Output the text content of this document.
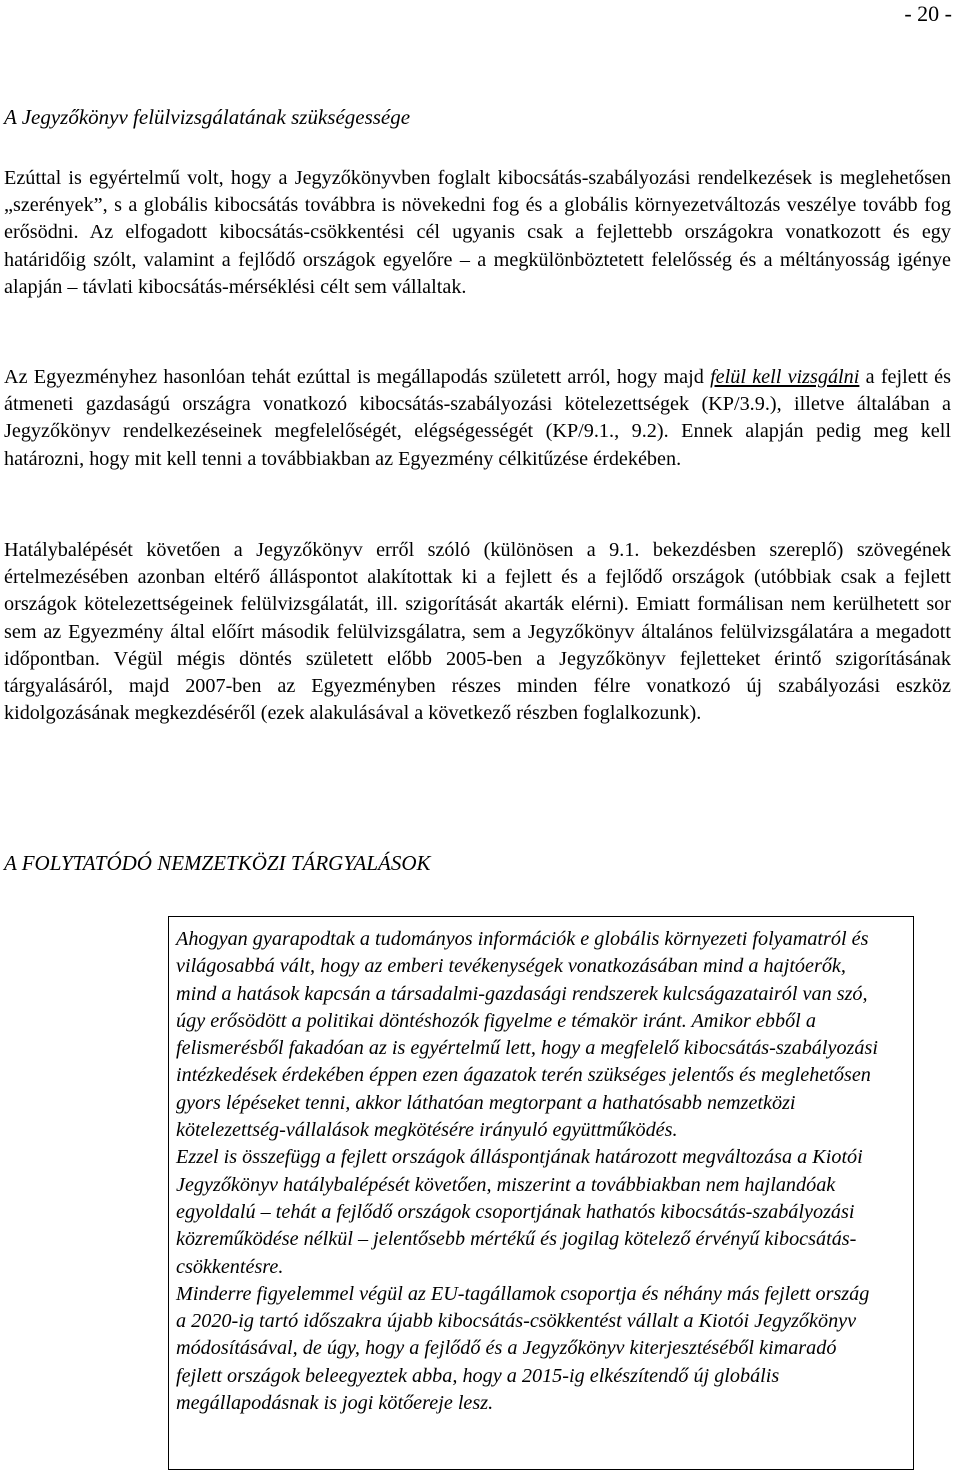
- 20 -
A Jegyzőkönyv felülvizsgálatának szükségessége
Ezúttal is egyértelmű volt, hogy a Jegyzőkönyvben foglalt kibocsátás-szabályozási rendelkezések is meglehetősen „szerények”, s a globális kibocsátás továbbra is növekedni fog és a globális környezetváltozás veszélye tovább fog erősödni. Az elfogadott kibocsátás-csökkentési cél ugyanis csak a fejlettebb országokra vonatkozott és egy határidőig szólt, valamint a fejlődő országok egyelőre – a megkülönböztetett felelősség és a méltányosság igénye alapján – távlati kibocsátás-mérséklési célt sem vállaltak.
Az Egyezményhez hasonlóan tehát ezúttal is megállapodás született arról, hogy majd felül kell vizsgálni a fejlett és átmeneti gazdaságú országra vonatkozó kibocsátás-szabályozási kötelezettségek (KP/3.9.), illetve általában a Jegyzőkönyv rendelkezéseinek megfelelőségét, elégségességét (KP/9.1., 9.2). Ennek alapján pedig meg kell határozni, hogy mit kell tenni a továbbiakban az Egyezmény célkitűzése érdekében.
Hatálybalépését követően a Jegyzőkönyv erről szóló (különösen a 9.1. bekezdésben szereplő) szövegének értelmezésében azonban eltérő álláspontot alakítottak ki a fejlett és a fejlődő országok (utóbbiak csak a fejlett országok kötelezettségeinek felülvizsgálatát, ill. szigorítását akarták elérni). Emiatt formálisan nem kerülhetett sor sem az Egyezmény által előírt második felülvizsgálatra, sem a Jegyzőkönyv általános felülvizsgálatára a megadott időpontban. Végül mégis döntés született előbb 2005-ben a Jegyzőkönyv fejletteket érintő szigorításának tárgyalásáról, majd 2007-ben az Egyezményben részes minden félre vonatkozó új szabályozási eszköz kidolgozásának megkezdéséről (ezek alakulásával a következő részben foglalkozunk).
A FOLYTATÓDÓ NEMZETKÖZI TÁRGYALÁSOK

Ahogyan gyarapodtak a tudományos információk e globális környezeti folyamatról és világosabbá vált, hogy az emberi tevékenységek vonatkozásában mind a hajtóerők, mind a hatások kapcsán a társadalmi-gazdasági rendszerek kulcságazatairól van szó, úgy erősödött a politikai döntéshozók figyelme e témakör iránt. Amikor ebből a felismerésből fakadóan az is egyértelmű lett, hogy a megfelelő kibocsátás-szabályozási intézkedések érdekében éppen ezen ágazatok terén szükséges jelentős és meglehetősen gyors lépéseket tenni, akkor láthatóan megtorpant a hathatósabb nemzetközi kötelezettség-vállalások megkötésére irányuló együttműködés.

Ezzel is összefügg a fejlett országok álláspontjának határozott megváltozása a Kiotói Jegyzőkönyv hatálybalépését követően, miszerint a továbbiakban nem hajlandóak egyoldalú – tehát a fejlődő országok csoportjának hathatós kibocsátás-szabályozási közreműködése nélkül – jelentősebb mértékű és jogilag kötelező érvényű kibocsátás-csökkentésre.

Minderre figyelemmel végül az EU-tagállamok csoportja és néhány más fejlett ország a 2020-ig tartó időszakra újabb kibocsátás-csökkentést vállalt a Kiotói Jegyzőkönyv módosításával, de úgy, hogy a fejlődő és a Jegyzőkönyv kiterjesztéséből kimaradó fejlett országok beleegyeztek abba, hogy a 2015-ig elkészítendő új globális megállapodásnak is jogi kötőereje lesz.
